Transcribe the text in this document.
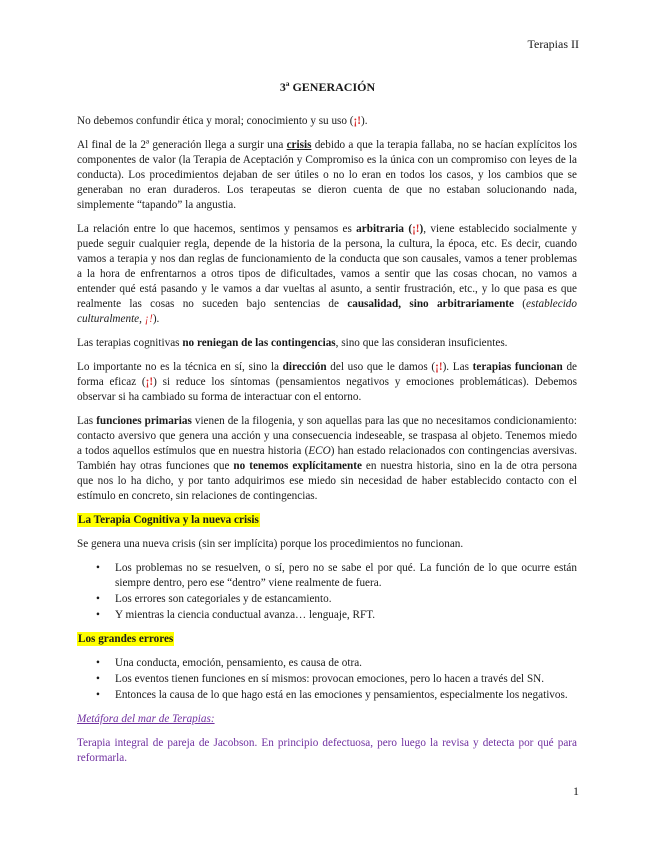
Terapias II
3ª GENERACIÓN

No debemos confundir ética y moral; conocimiento y su uso (¡!).

Al final de la 2ª generación llega a surgir una crisis debido a que la terapia fallaba, no se hacían explícitos los componentes de valor (la Terapia de Aceptación y Compromiso es la única con un compromiso con leyes de la conducta). Los procedimientos dejaban de ser útiles o no lo eran en todos los casos, y los cambios que se generaban no eran duraderos. Los terapeutas se dieron cuenta de que no estaban solucionando nada, simplemente “tapando” la angustia.

La relación entre lo que hacemos, sentimos y pensamos es arbitraria (¡!), viene establecido socialmente y puede seguir cualquier regla, depende de la historia de la persona, la cultura, la época, etc. Es decir, cuando vamos a terapia y nos dan reglas de funcionamiento de la conducta que son causales, vamos a tener problemas a la hora de enfrentarnos a otros tipos de dificultades, vamos a sentir que las cosas chocan, no vamos a entender qué está pasando y le vamos a dar vueltas al asunto, a sentir frustración, etc., y lo que pasa es que realmente las cosas no suceden bajo sentencias de causalidad, sino arbitrariamente (establecido culturalmente, ¡!).

Las terapias cognitivas no reniegan de las contingencias, sino que las consideran insuficientes.

Lo importante no es la técnica en sí, sino la dirección del uso que le damos (¡!). Las terapias funcionan de forma eficaz (¡!) si reduce los síntomas (pensamientos negativos y emociones problemáticas). Debemos observar si ha cambiado su forma de interactuar con el entorno.

Las funciones primarias vienen de la filogenia, y son aquellas para las que no necesitamos condicionamiento: contacto aversivo que genera una acción y una consecuencia indeseable, se traspasa al objeto. Tenemos miedo a todos aquellos estímulos que en nuestra historia (ECO) han estado relacionados con contingencias aversivas. También hay otras funciones que no tenemos explícitamente en nuestra historia, sino en la de otra persona que nos lo ha dicho, y por tanto adquirimos ese miedo sin necesidad de haber establecido contacto con el estímulo en concreto, sin relaciones de contingencias.

La Terapia Cognitiva y la nueva crisis

Se genera una nueva crisis (sin ser implícita) porque los procedimientos no funcionan.

• Los problemas no se resuelven, o sí, pero no se sabe el por qué. La función de lo que ocurre están siempre dentro, pero ese “dentro” viene realmente de fuera.
• Los errores son categoriales y de estancamiento.
• Y mientras la ciencia conductual avanza… lenguaje, RFT.
Los grandes errores
• Una conducta, emoción, pensamiento, es causa de otra.
• Los eventos tienen funciones en sí mismos: provocan emociones, pero lo hacen a través del SN.
• Entonces la causa de lo que hago está en las emociones y pensamientos, especialmente los negativos.

Metáfora del mar de Terapias:

Terapia integral de pareja de Jacobson. En principio defectuosa, pero luego la revisa y detecta por qué para reformarla.

1
